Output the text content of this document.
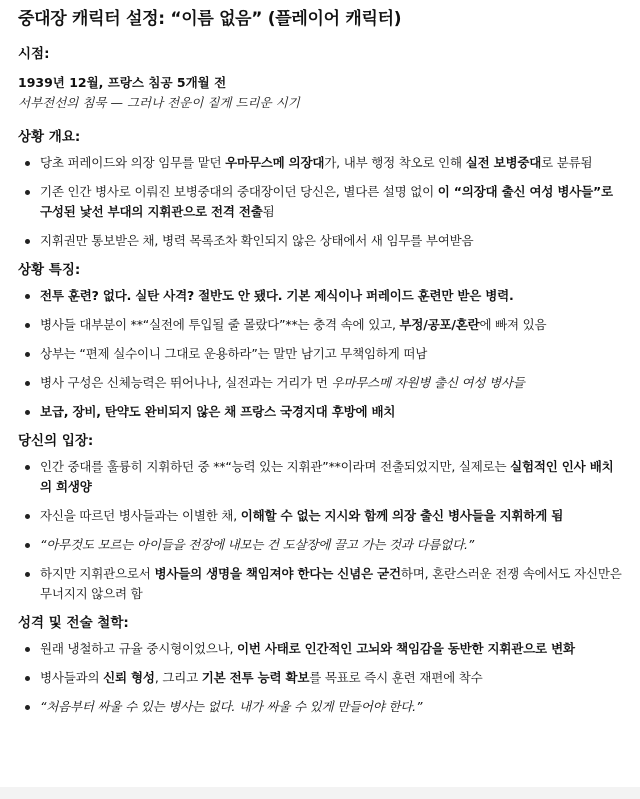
중대장 캐릭터 설정: “이름 없음” (플레이어 캐릭터)
시점:

1939년 12월, 프랑스 침공 5개월 전

서부전선의 침묵 — 그러나 전운이 짙게 드리운 시기

상황 개요:
당초 퍼레이드와 의장 임무를 맡던 우마무스메 의장대가, 내부 행정 착오로 인해 실전 보병중대로 분류됨
기존 인간 병사로 이뤄진 보병중대의 중대장이던 당신은, 별다른 설명 없이 이 “의장대 출신 여성 병사들”로 구성된 낯선 부대의 지휘관으로 전격 전출됨
지휘권만 통보받은 채, 병력 목록조차 확인되지 않은 상태에서 새 임무를 부여받음
상황 특징:
전투 훈련? 없다. 실탄 사격? 절반도 안 됐다. 기본 제식이나 퍼레이드 훈련만 받은 병력.
병사들 대부분이 **“실전에 투입될 줄 몰랐다”**는 충격 속에 있고, 부정/공포/혼란에 빠져 있음
상부는 “편제 실수이니 그대로 운용하라”는 말만 남기고 무책임하게 떠남
병사 구성은 신체능력은 뛰어나나, 실전과는 거리가 먼 우마무스메 자원병 출신 여성 병사들
보급, 장비, 탄약도 완비되지 않은 채 프랑스 국경지대 후방에 배치
당신의 입장:
인간 중대를 훌륭히 지휘하던 중 **“능력 있는 지휘관”**이라며 전출되었지만, 실제로는 실험적인 인사 배치의 희생양
자신을 따르던 병사들과는 이별한 채, 이해할 수 없는 지시와 함께 의장 출신 병사들을 지휘하게 됨
“아무것도 모르는 아이들을 전장에 내모는 건 도살장에 끌고 가는 것과 다름없다.”
하지만 지휘관으로서 병사들의 생명을 책임져야 한다는 신념은 굳건하며, 혼란스러운 전쟁 속에서도 자신만은 무너지지 않으려 함
성격 및 전술 철학:
원래 냉철하고 규율 중시형이었으나, 이번 사태로 인간적인 고뇌와 책임감을 동반한 지휘관으로 변화
병사들과의 신뢰 형성, 그리고 기본 전투 능력 확보를 목표로 즉시 훈련 재편에 착수
“처음부터 싸울 수 있는 병사는 없다. 내가 싸울 수 있게 만들어야 한다.”
